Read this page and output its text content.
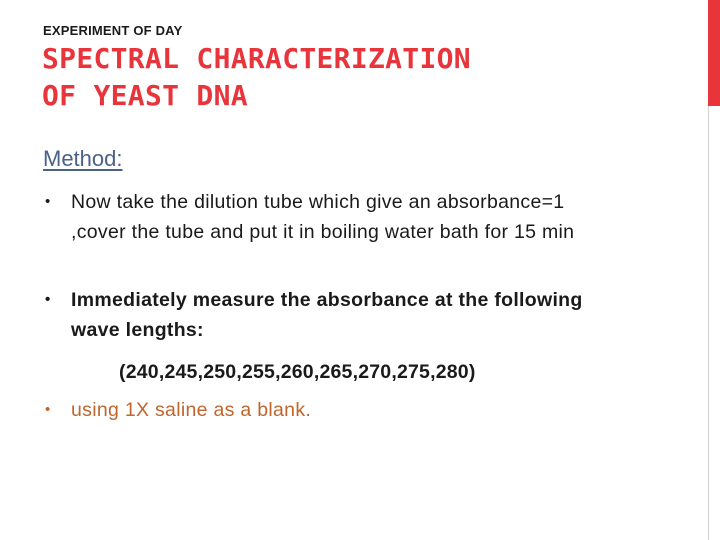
EXPERIMENT OF DAY
SPECTRAL CHARACTERIZATION
OF YEAST DNA
Method:
• Now take the dilution tube which give an absorbance=1 ,cover the tube and put it in boiling water bath for 15 min
• Immediately measure the absorbance at the following wave lengths:
(240,245,250,255,260,265,270,275,280)
• using 1X saline as a blank.
